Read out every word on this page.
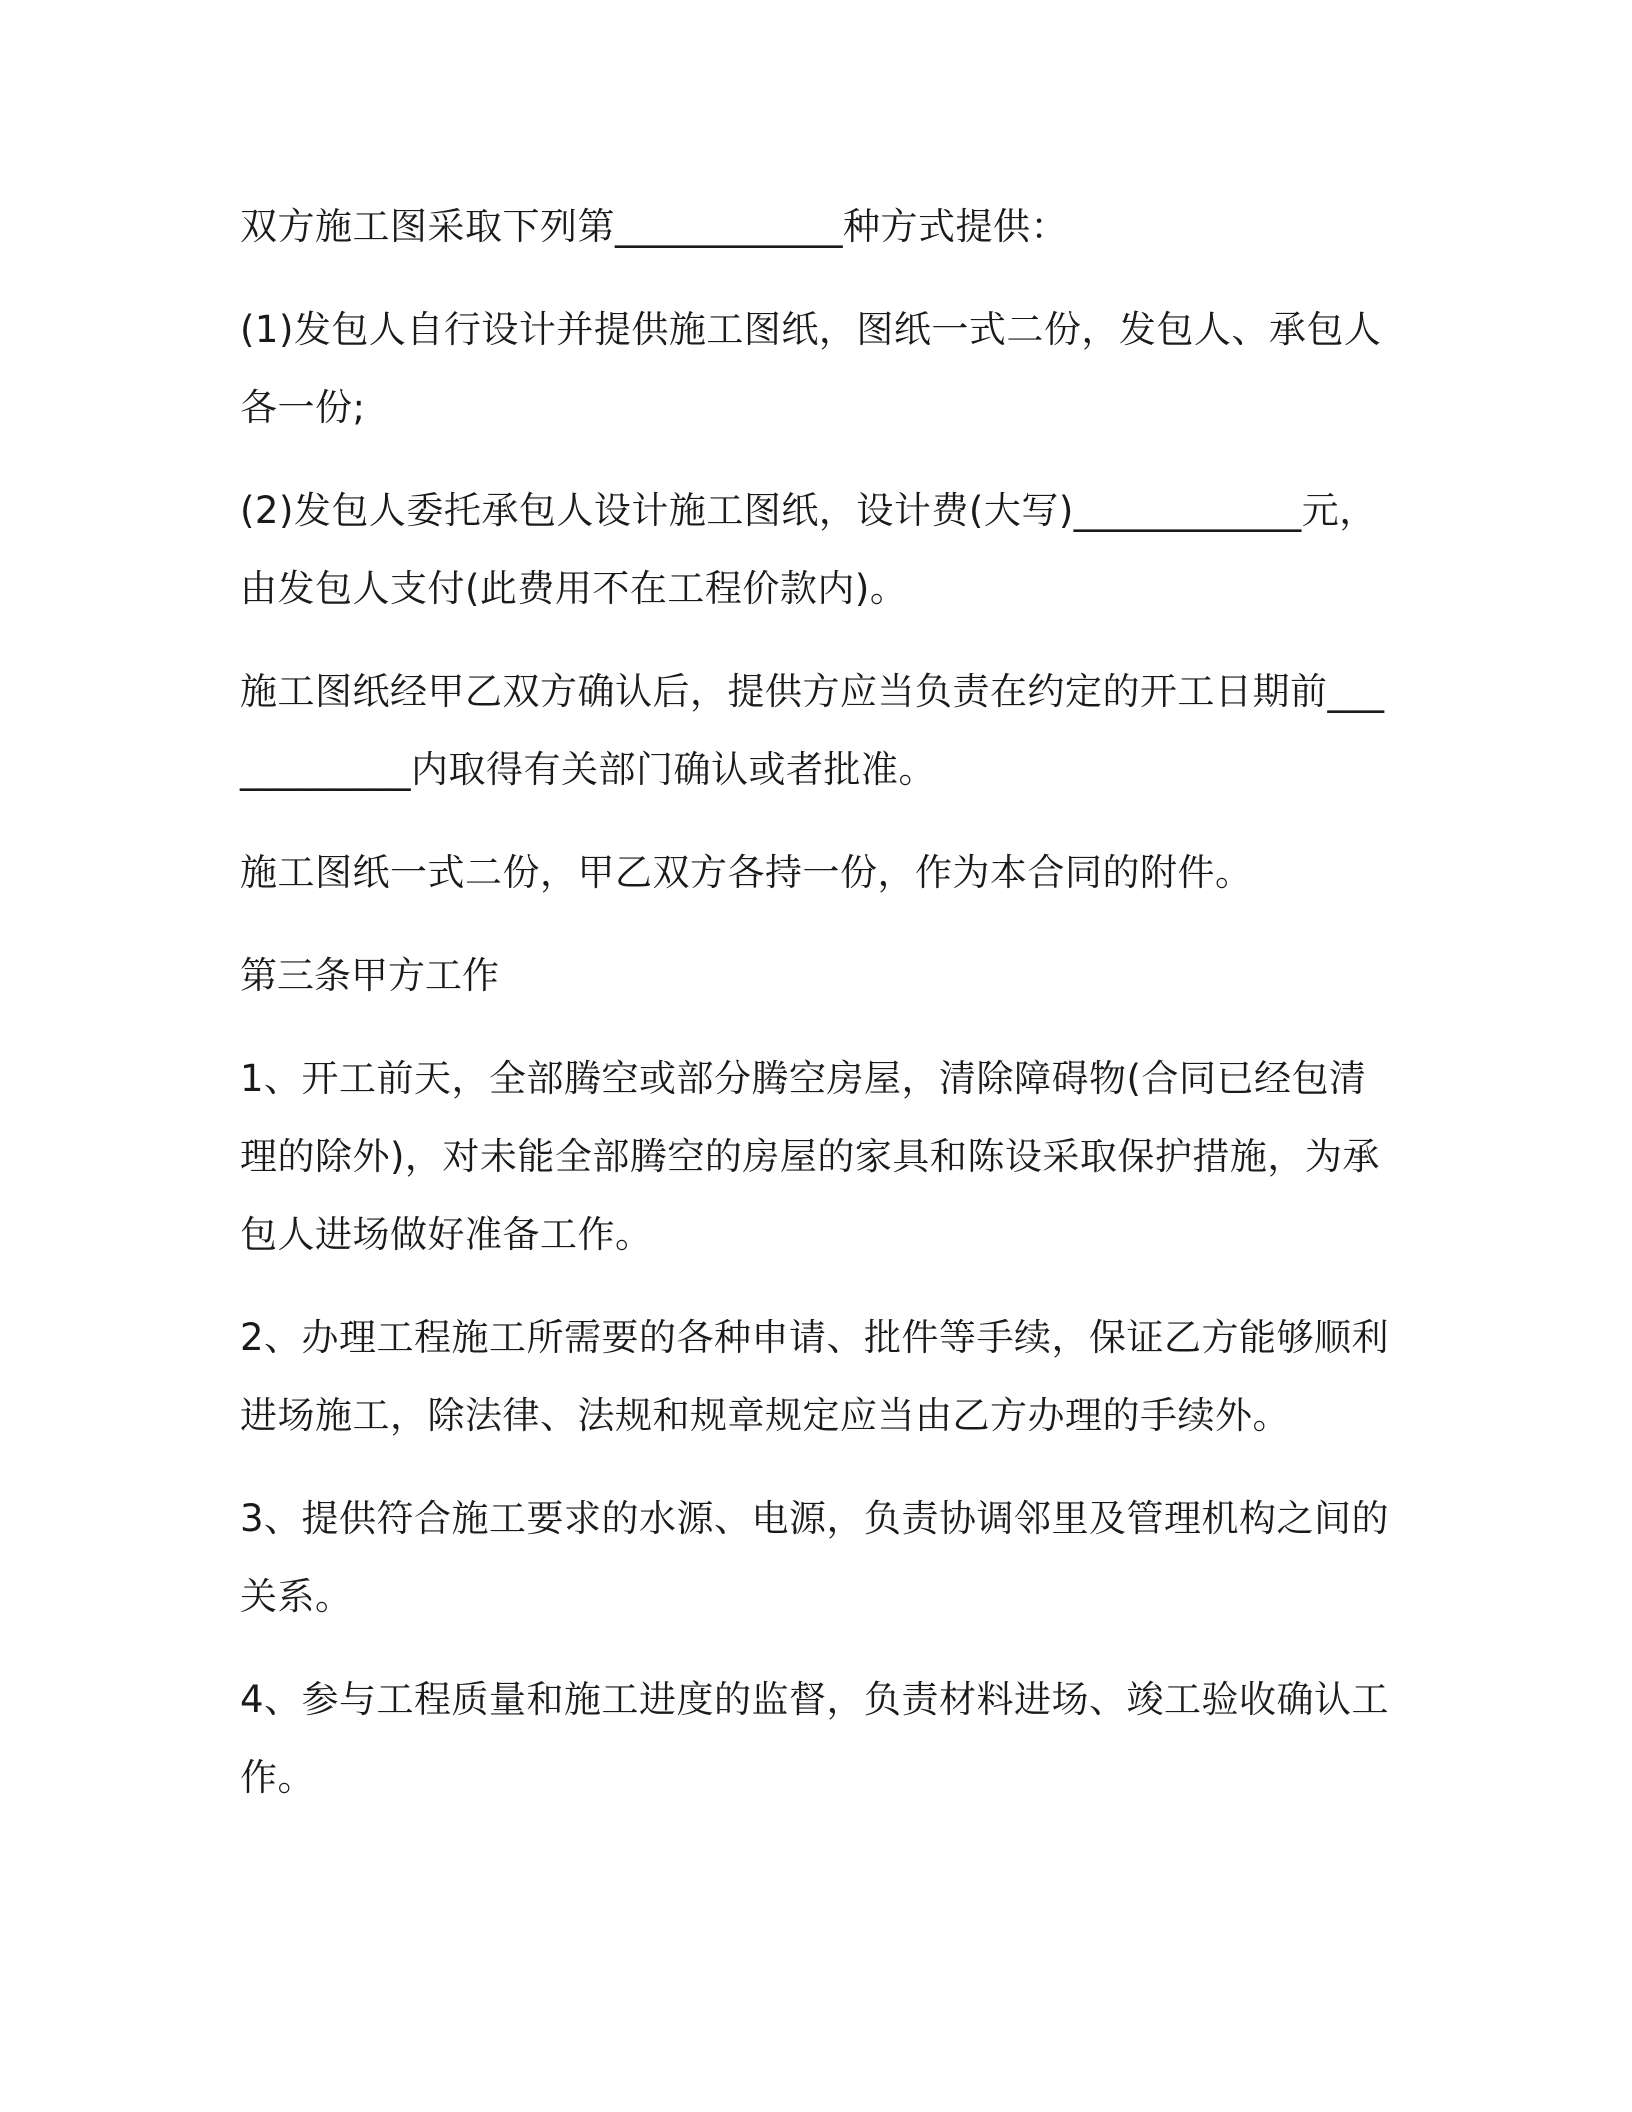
双方施工图采取下列第____________种方式提供：

(1)发包人自行设计并提供施工图纸，图纸一式二份，发包人、承包人各一份;

(2)发包人委托承包人设计施工图纸，设计费(大写)____________元，由发包人支付(此费用不在工程价款内)。

施工图纸经甲乙双方确认后，提供方应当负责在约定的开工日期前____________内取得有关部门确认或者批准。

施工图纸一式二份，甲乙双方各持一份，作为本合同的附件。

第三条甲方工作

1、开工前天，全部腾空或部分腾空房屋，清除障碍物(合同已经包清理的除外)，对未能全部腾空的房屋的家具和陈设采取保护措施，为承包人进场做好准备工作。

2、办理工程施工所需要的各种申请、批件等手续，保证乙方能够顺利进场施工，除法律、法规和规章规定应当由乙方办理的手续外。

3、提供符合施工要求的水源、电源，负责协调邻里及管理机构之间的关系。

4、参与工程质量和施工进度的监督，负责材料进场、竣工验收确认工作。
